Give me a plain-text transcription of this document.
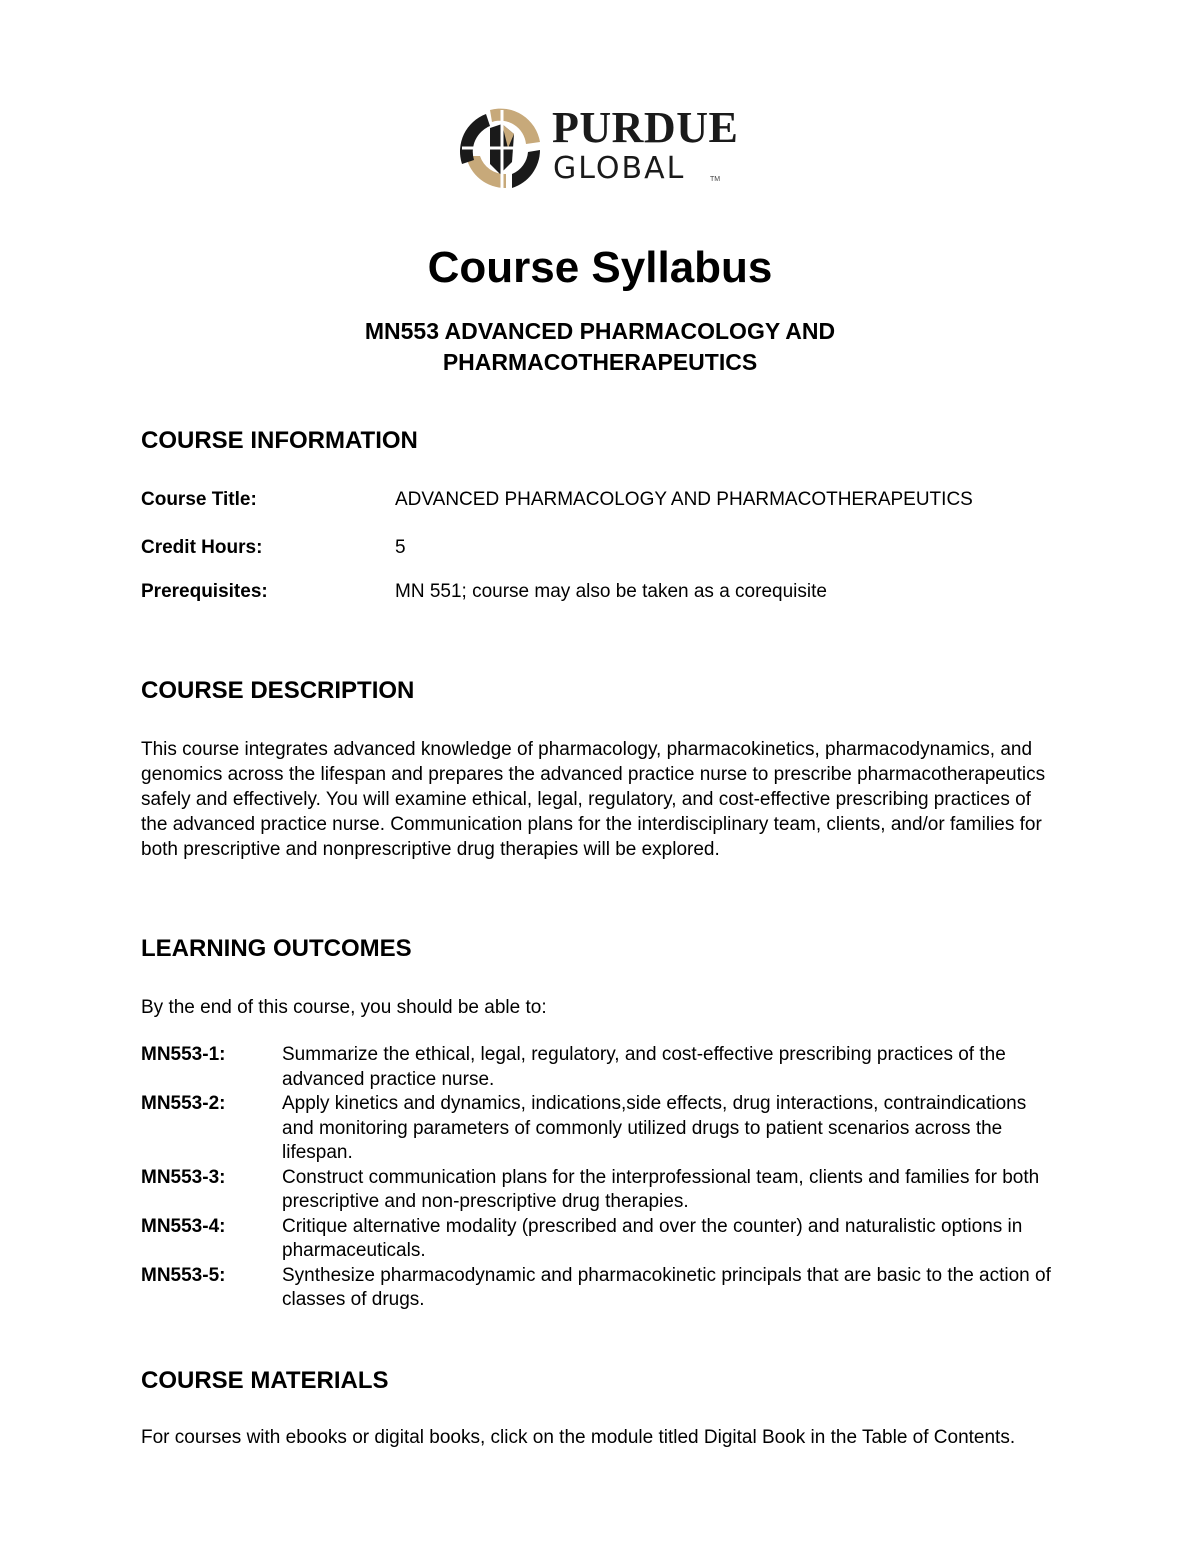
PURDUE
GLOBAL	TM
Course Syllabus
MN553 ADVANCED PHARMACOLOGY AND
PHARMACOTHERAPEUTICS
COURSE INFORMATION
Course Title:	ADVANCED PHARMACOLOGY AND PHARMACOTHERAPEUTICS
Credit Hours:	5
Prerequisites:	MN 551; course may also be taken as a corequisite
COURSE DESCRIPTION
This course integrates advanced knowledge of pharmacology, pharmacokinetics, pharmacodynamics, and genomics across the lifespan and prepares the advanced practice nurse to prescribe pharmacotherapeutics safely and effectively. You will examine ethical, legal, regulatory, and cost-effective prescribing practices of the advanced practice nurse. Communication plans for the interdisciplinary team, clients, and/or families for both prescriptive and nonprescriptive drug therapies will be explored.
LEARNING OUTCOMES
By the end of this course, you should be able to:
MN553-1:	Summarize the ethical, legal, regulatory, and cost-effective prescribing practices of the advanced practice nurse.
MN553-2:	Apply kinetics and dynamics, indications,side effects, drug interactions, contraindications and monitoring parameters of commonly utilized drugs to patient scenarios across the lifespan.
MN553-3:	Construct communication plans for the interprofessional team, clients and families for both prescriptive and non-prescriptive drug therapies.
MN553-4:	Critique alternative modality (prescribed and over the counter) and naturalistic options in pharmaceuticals.
MN553-5:	Synthesize pharmacodynamic and pharmacokinetic principals that are basic to the action of classes of drugs.
COURSE MATERIALS
For courses with ebooks or digital books, click on the module titled Digital Book in the Table of Contents.
